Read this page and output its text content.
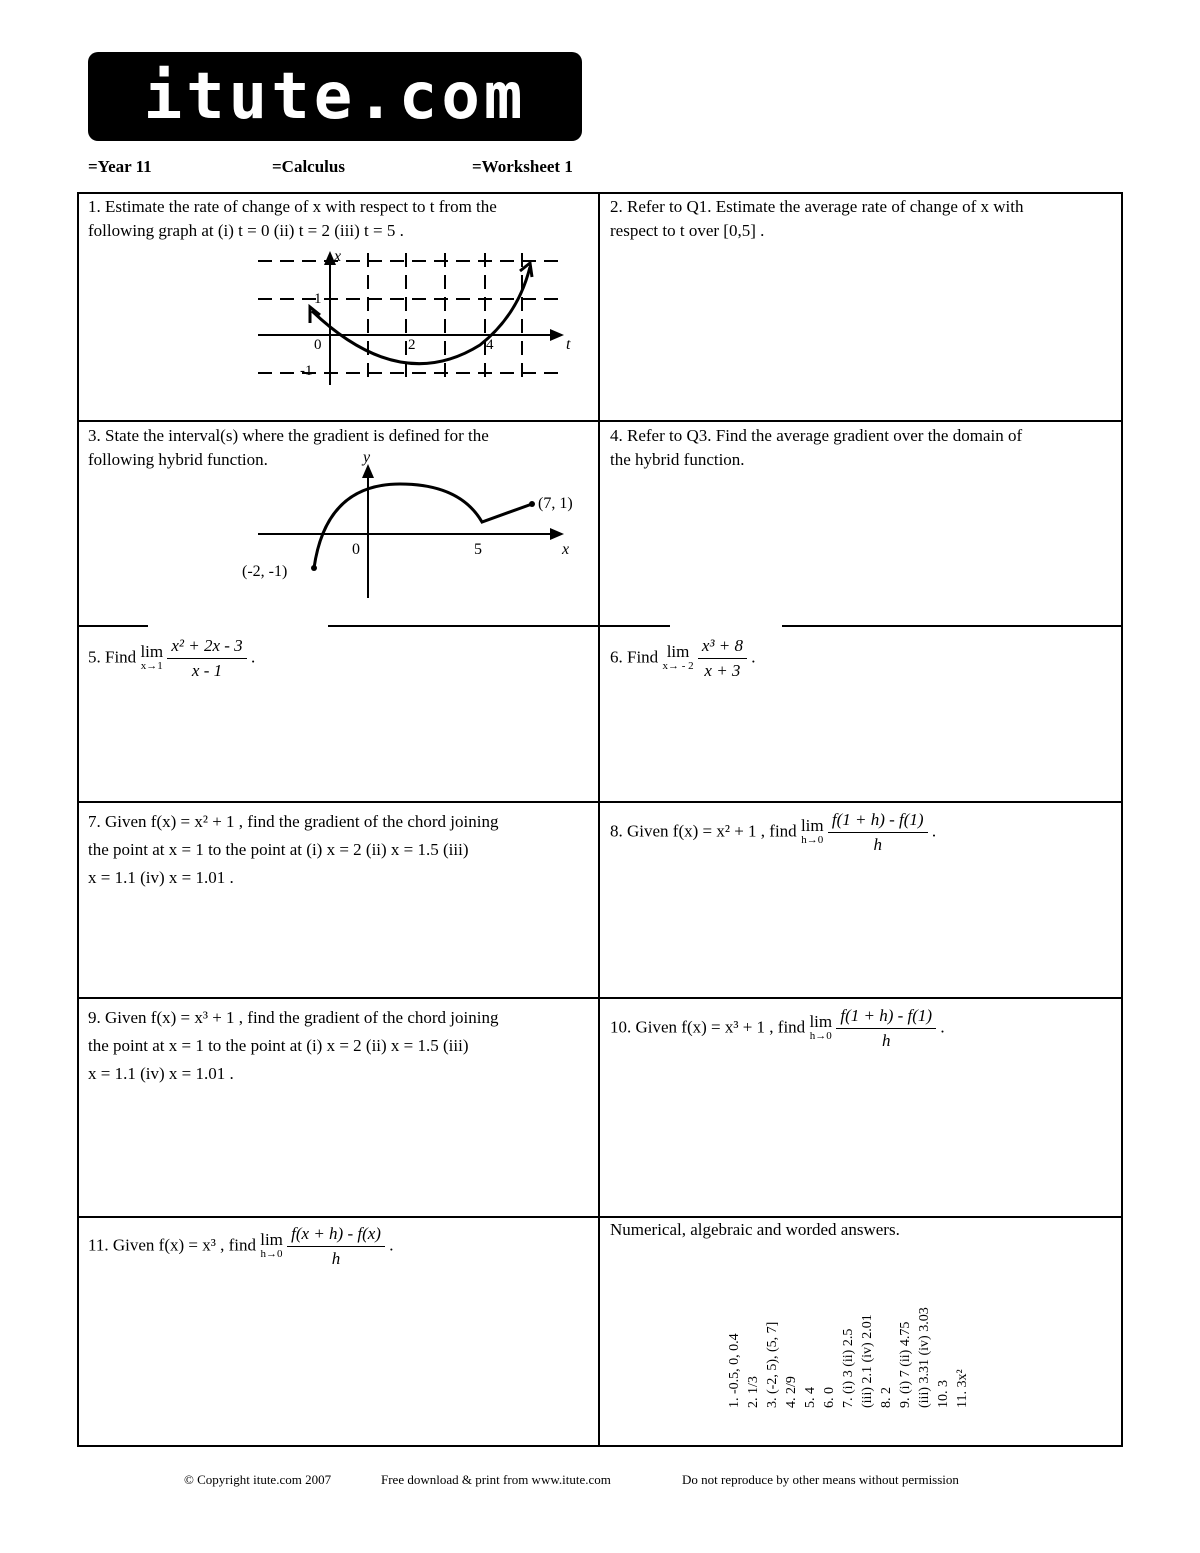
itute.com
=Year 11	=Calculus	=Worksheet 1
1. Estimate the rate of change of x with respect to t from the
following graph at (i) t = 0 (ii) t = 2 (iii) t = 5 .
t
x
1
0	2	4
-1
2. Refer to Q1. Estimate the average rate of change of x with
respect to t over [0,5] .
3. State the interval(s) where the gradient is defined for the
following hybrid function.	y
x
0	5
(-2, -1)
(7, 1)
4. Refer to Q3. Find the average gradient over the domain of
the hybrid function.
5. Find lim
x→1
$\frac{\text{x² + 2x - 3}}{x - 1}$ .	6. Find lim
x→ - 2
$\frac{\text{x³ + 8}}{x + 3}$ .
7. Given f(x) = x² + 1 , find the gradient of the chord joining
the point at x = 1 to the point at (i) x = 2 (ii) x = 1.5 (iii)
x = 1.1 (iv) x = 1.01 .
8. Given f(x) = x² + 1 , find lim
h→0
$\frac{f(1 + h) - f(1)}{h}$ .
9. Given f(x) = x³ + 1 , find the gradient of the chord joining
the point at x = 1 to the point at (i) x = 2 (ii) x = 1.5 (iii)
x = 1.1 (iv) x = 1.01 .
10. Given f(x) = x³ + 1 , find lim
h→0
$\frac{f(1 + h) - f(1)}{h}$ .
11. Given f(x) = x³ , find lim
h→0
$\frac{f(x + h) - f(x)}{h}$ .
Numerical, algebraic and worded answers.
1. -0.5, 0, 0.4 2. 1/3 3. (-2, 5), (5, 7] 4. 2/9 5. 4 6. 0 7. (i) 3 (ii) 2.5 (iii) 2.1 (iv) 2.01 8. 2 9. (i) 7 (ii) 4.75 (iii) 3.31 (iv) 3.03 10. 3 11. 3x²
© Copyright itute.com 2007	Free download & print from www.itute.com	Do not reproduce by other means without permission
